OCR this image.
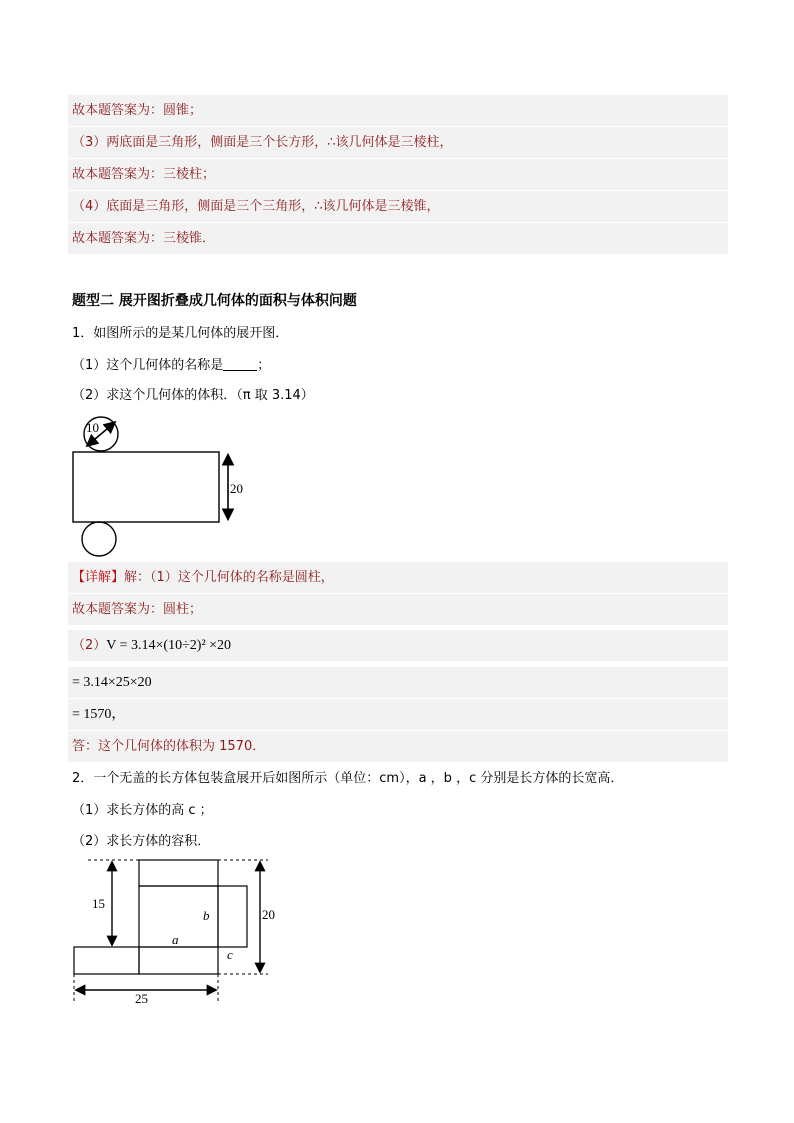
故本题答案为：圆锥；
（3）两底面是三角形，侧面是三个长方形，∴该几何体是三棱柱，
故本题答案为：三棱柱；
（4）底面是三角形，侧面是三个三角形，∴该几何体是三棱锥，
故本题答案为：三棱锥．
题型二 展开图折叠成几何体的面积与体积问题
1．如图所示的是某几何体的展开图．
（1）这个几何体的名称是	；
（2）求这个几何体的体积．（π 取 3.14）
10
20
【详解】解：（1）这个几何体的名称是圆柱，
故本题答案为：圆柱；
（2）V = 3.14×(10÷2)² ×20
= 3.14×25×20
= 1570，
答：这个几何体的体积为 1570．
2．一个无盖的长方体包装盒展开后如图所示（单位：cm），a ，b ，c 分别是长方体的长宽高．
（1）求长方体的高 c ；
（2）求长方体的容积．
15
20
25
a
b
c
